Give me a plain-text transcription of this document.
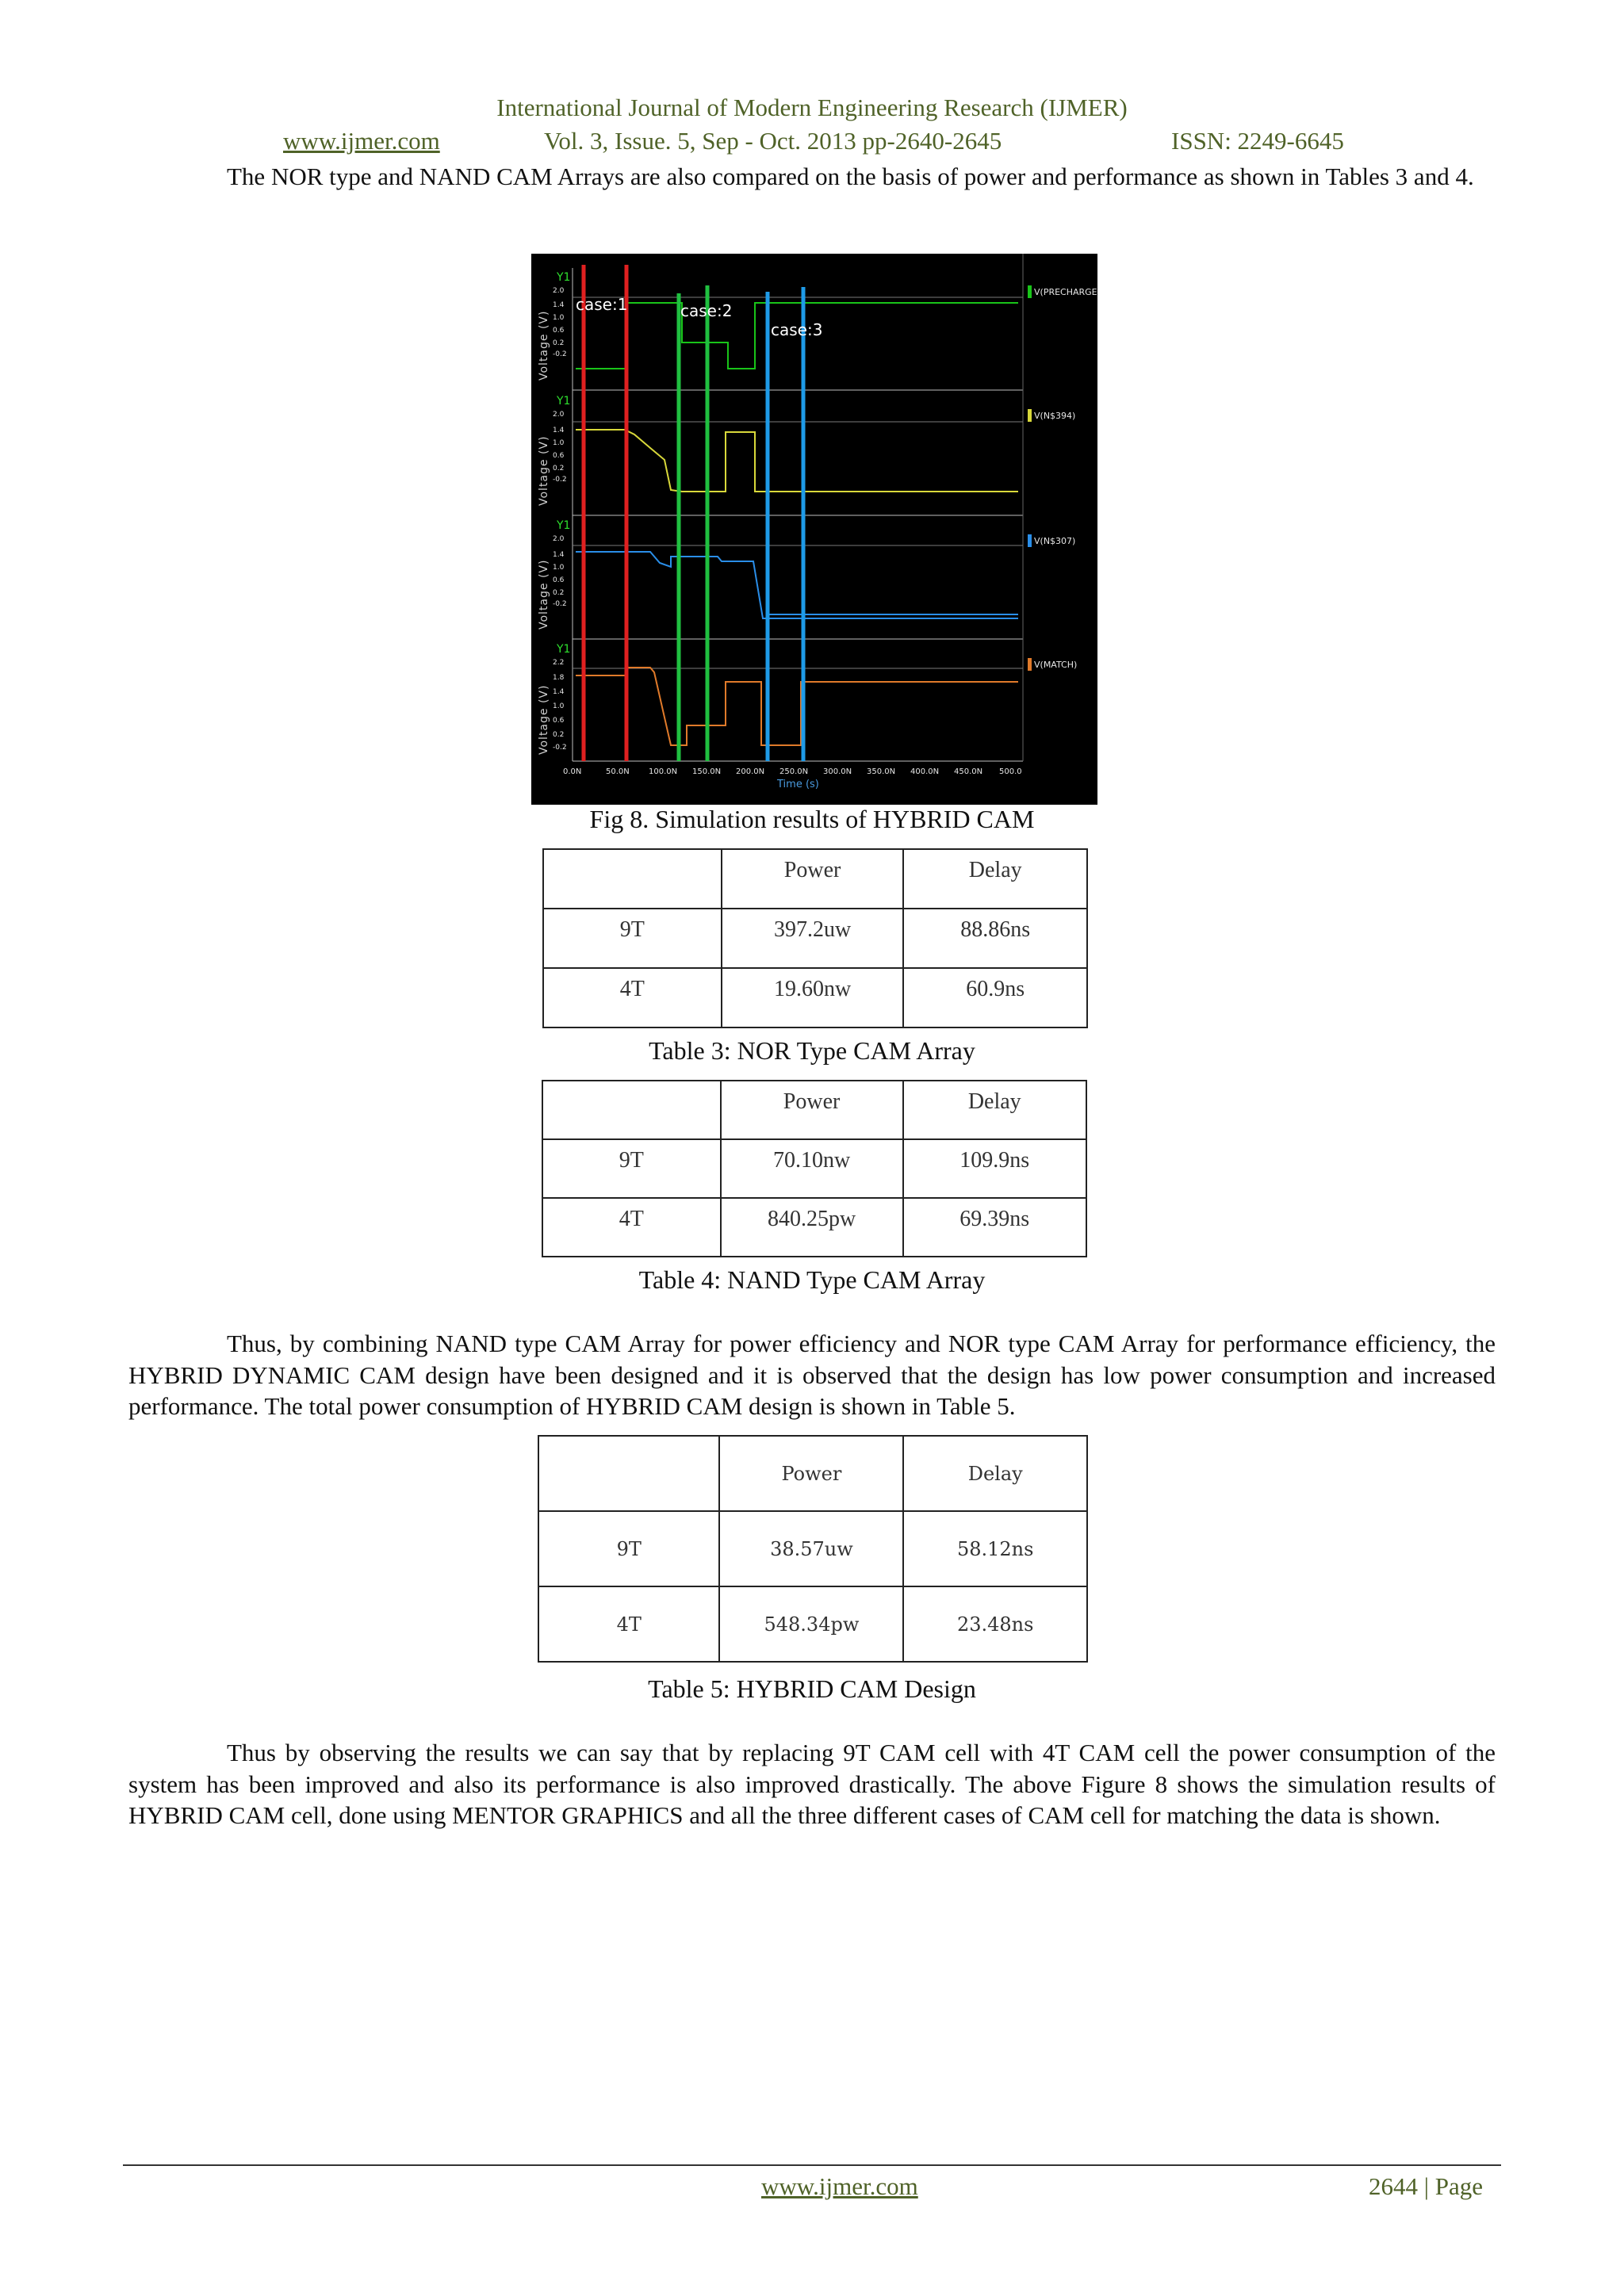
International Journal of Modern Engineering Research (IJMER)
www.ijmer.com	Vol. 3, Issue. 5, Sep - Oct. 2013 pp-2640-2645	ISSN: 2249-6645
The NOR type and NAND CAM Arrays are also compared on the basis of power and performance as shown in Tables 3 and 4.
Voltage (V)
Voltage (V)
Voltage (V)
Voltage (V)
Y1
Y1
Y1
Y1
2.0
1.4
1.0
0.6
0.2
-0.2
2.0
1.4
1.0
0.6
0.2
-0.2
2.0
1.4
1.0
0.6
0.2
-0.2
2.2
1.8
1.4
1.0
0.6
0.2
-0.2
0.0N	50.0N 100.0N 150.0N 200.0N 250.0N 300.0N 350.0N 400.0N 450.0N 500.0
Time (s)
case:1	case:2
case:3
V(PRECHARGE
V(N$394)
V(N$307)
V(MATCH)
Fig 8. Simulation results of HYBRID CAM
	Power	Delay
9T	397.2uw	88.86ns
4T	19.60nw	60.9ns
Table 3: NOR Type CAM Array
	Power	Delay
9T	70.10nw	109.9ns
4T	840.25pw	69.39ns
Table 4: NAND Type CAM Array
Thus, by combining NAND type CAM Array for power efficiency and NOR type CAM Array for performance efficiency, the HYBRID DYNAMIC CAM design have been designed and it is observed that the design has low power consumption and increased performance. The total power consumption of HYBRID CAM design is shown in Table 5.
	Power	Delay
9T	38.57uw	58.12ns
4T	548.34pw	23.48ns
Table 5: HYBRID CAM Design
Thus by observing the results we can say that by replacing 9T CAM cell with 4T CAM cell the power consumption of the system has been improved and also its performance is also improved drastically. The above Figure 8 shows the simulation results of HYBRID CAM cell, done using MENTOR GRAPHICS and all the three different cases of CAM cell for matching the data is shown.
www.ijmer.com	2644 | Page
